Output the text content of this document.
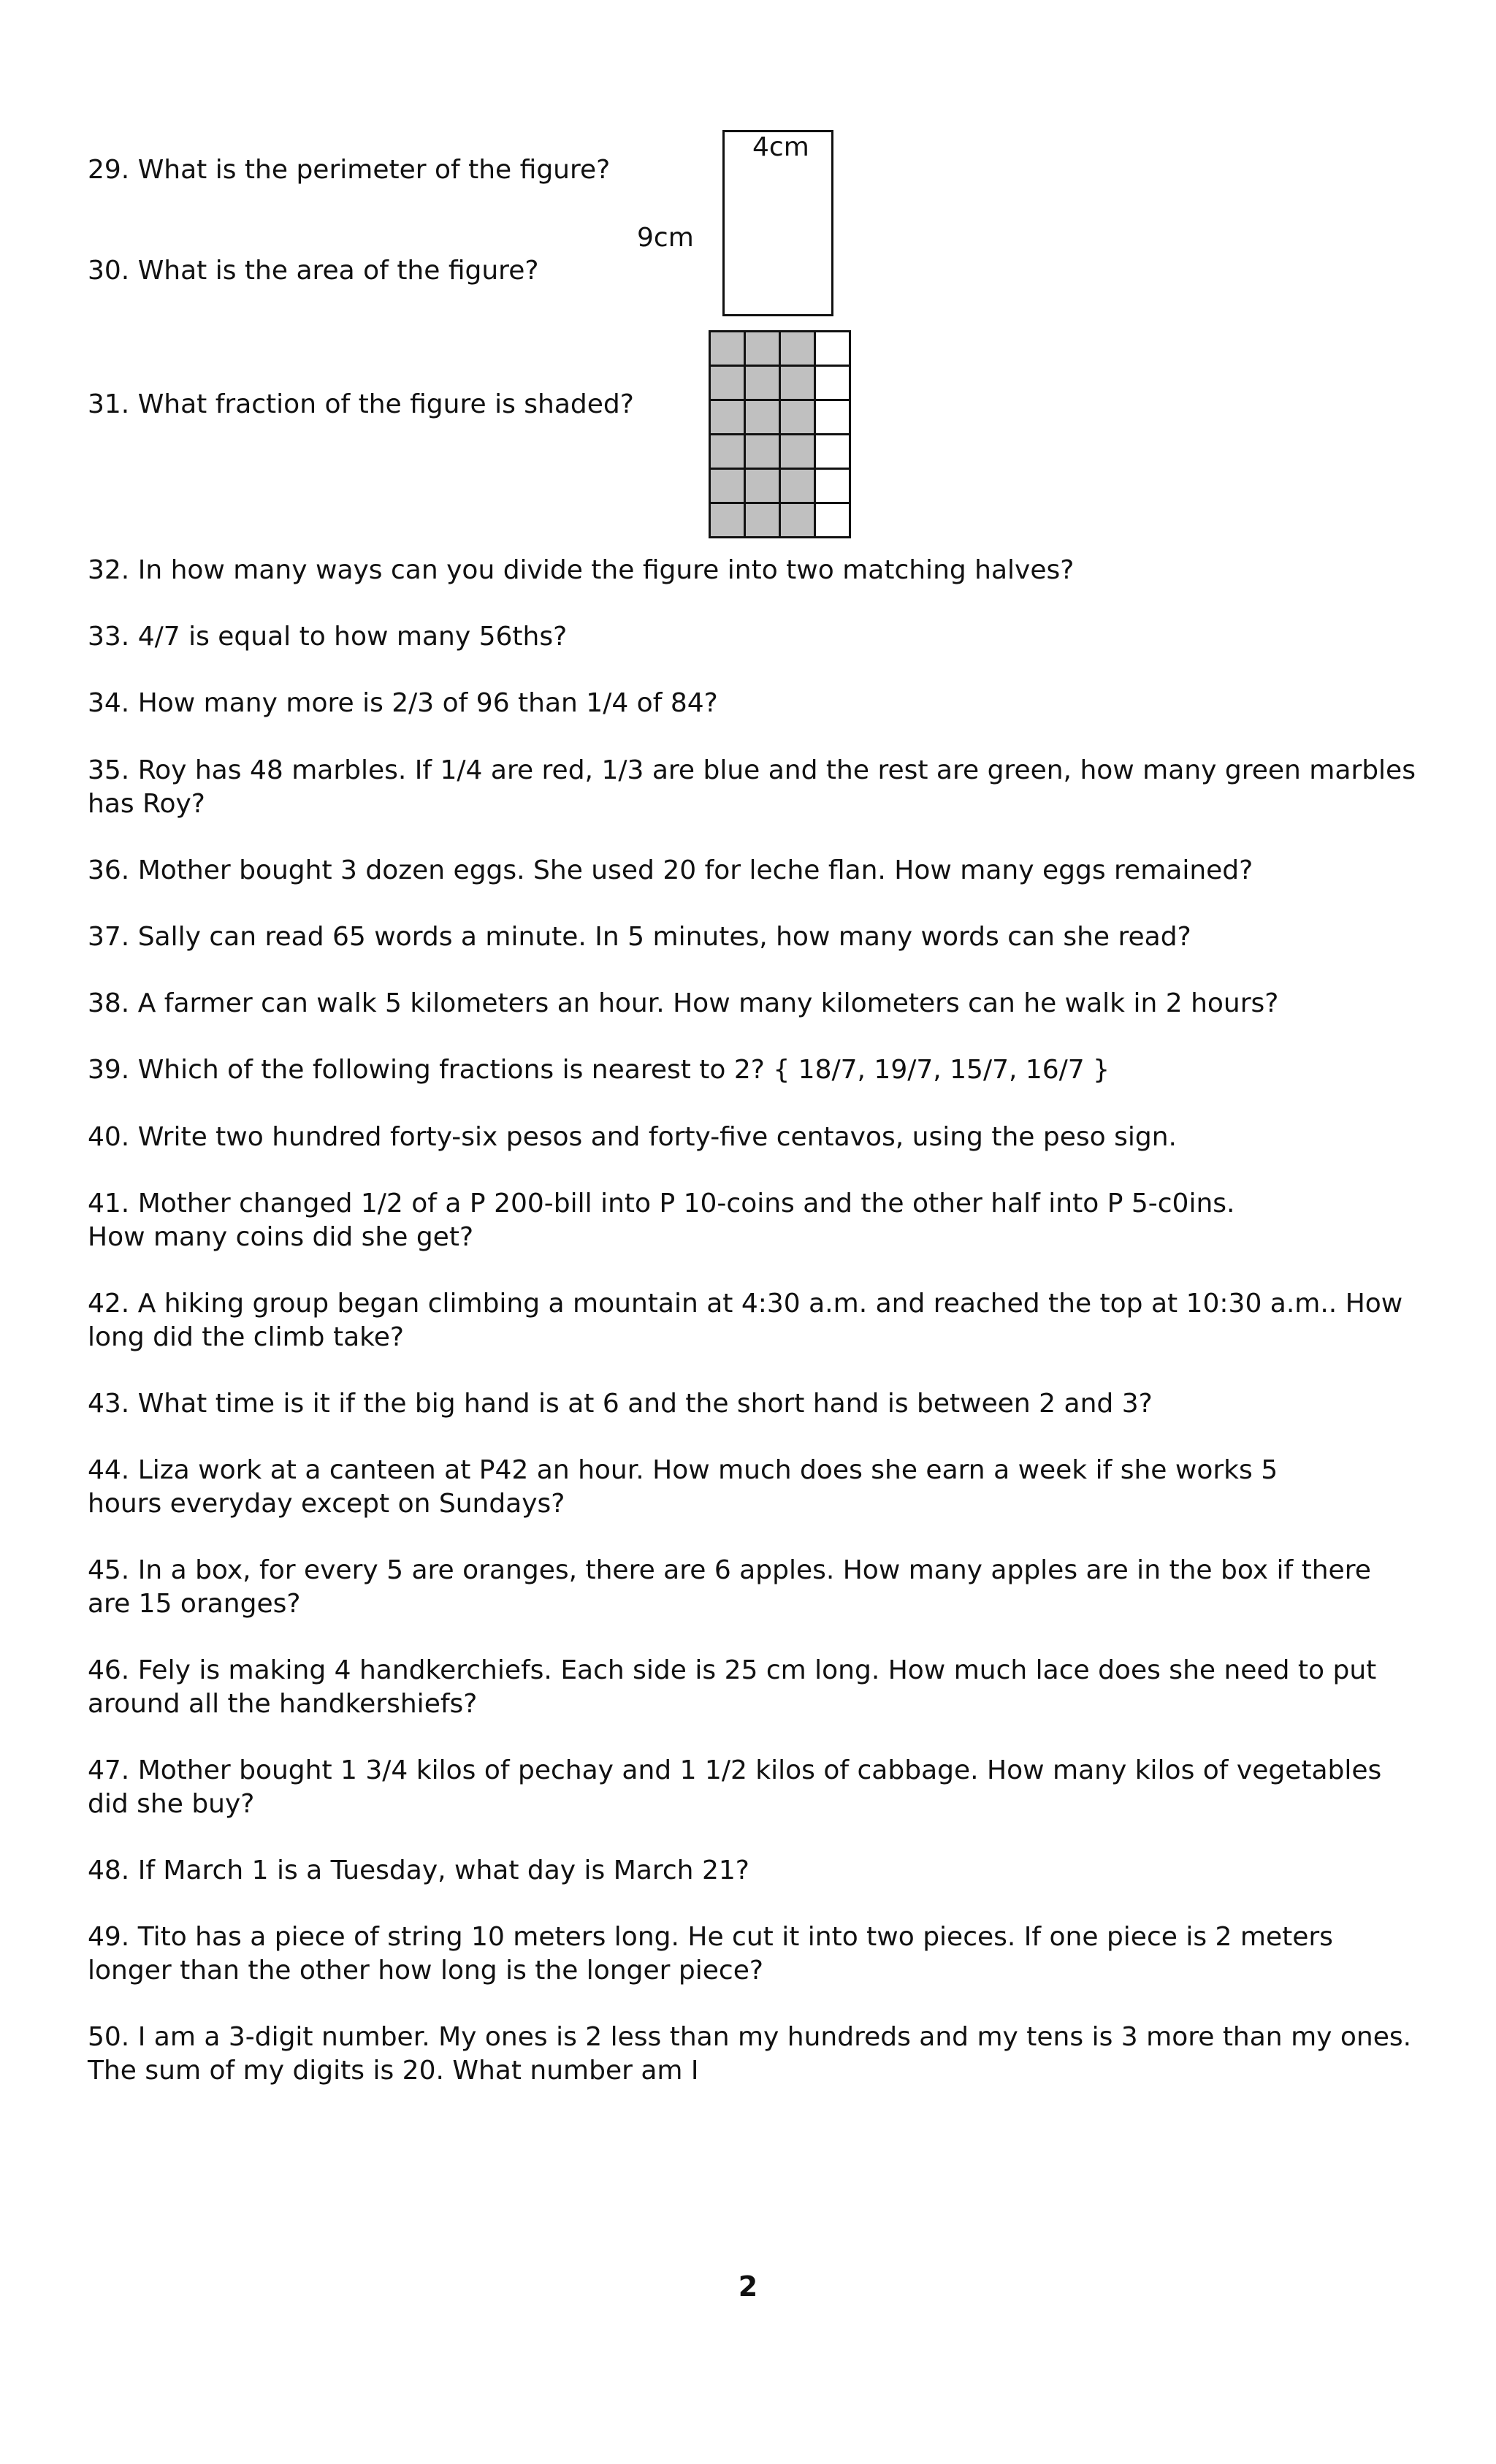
4cm
9cm

29. What is the perimeter of the figure?

30. What is the area of the figure?

31. What fraction of the figure is shaded?

32. In how many ways can you divide the figure into two matching halves?

33. 4/7 is equal to how many 56ths?

34. How many more is 2/3 of 96 than 1/4 of 84?

35. Roy has 48 marbles. If 1/4 are red, 1/3 are blue and the rest are green, how many green marbles has Roy?

36. Mother bought 3 dozen eggs. She used 20 for leche flan. How many eggs remained?

37. Sally can read 65 words a minute. In 5 minutes, how many words can she read?

38. A farmer can walk 5 kilometers an hour. How many kilometers can he walk in 2 hours?

39. Which of the following fractions is nearest to 2? { 18/7, 19/7, 15/7, 16/7 }

40. Write two hundred forty-six pesos and forty-five centavos, using the peso sign.

41. Mother changed 1/2 of a P 200-bill into P 10-coins and the other half into P 5-c0ins. How many coins did she get?

42. A hiking group began climbing a mountain at 4:30 a.m. and reached the top at 10:30 a.m.. How long did the climb take?

43. What time is it if the big hand is at 6 and the short hand is between 2 and 3?

44. Liza work at a canteen at P42 an hour. How much does she earn a week if she works 5 hours everyday except on Sundays?

45. In a box, for every 5 are oranges, there are 6 apples. How many apples are in the box if there are 15 oranges?

46. Fely is making 4 handkerchiefs. Each side is 25 cm long. How much lace does she need to put around all the handkershiefs?

47. Mother bought 1 3/4 kilos of pechay and 1 1/2 kilos of cabbage. How many kilos of vegetables did she buy?

48. If March 1 is a Tuesday, what day is March 21?

49. Tito has a piece of string 10 meters long. He cut it into two pieces. If one piece is 2 meters longer than the other how long is the longer piece?

50. I am a 3-digit number. My ones is 2 less than my hundreds and my tens is 3 more than my ones. The sum of my digits is 20. What number am I

2
